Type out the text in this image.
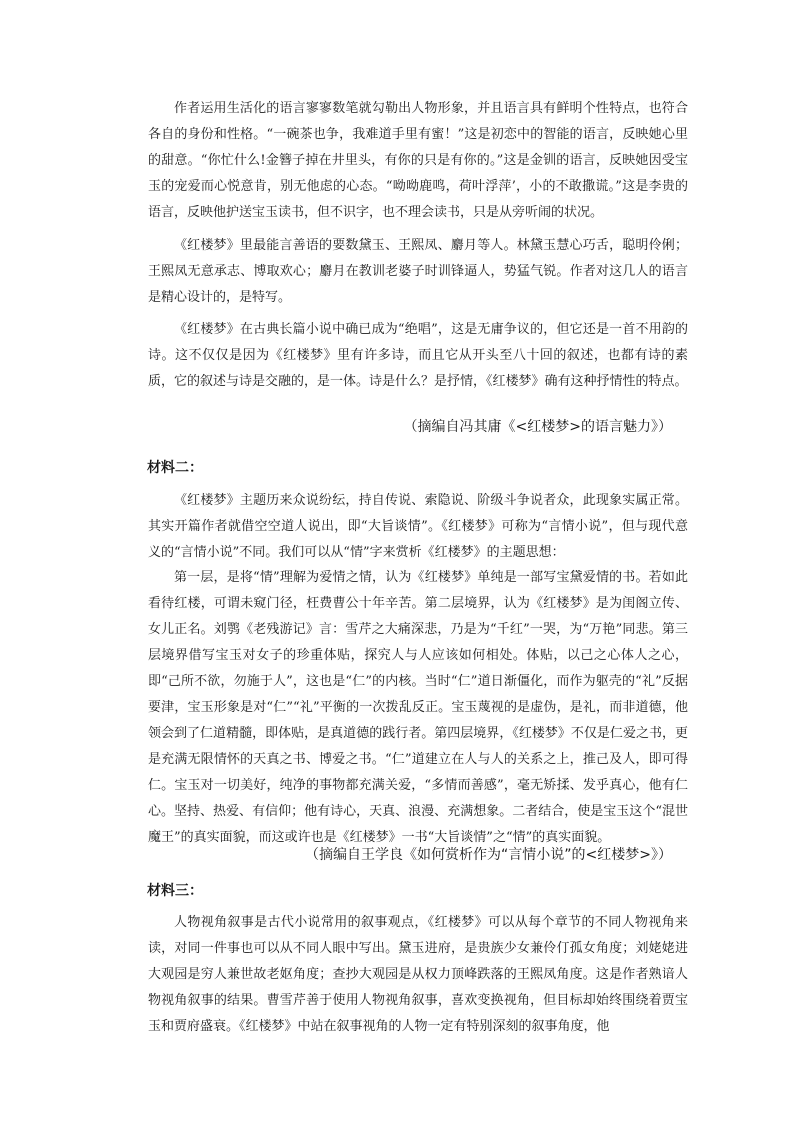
作者运用生活化的语言寥寥数笔就勾勒出人物形象，并且语言具有鲜明个性特点，也符合各自的身份和性格。“一碗茶也争，我难道手里有蜜！”这是初恋中的智能的语言，反映她心里的甜意。“你忙什么!金簪子掉在井里头，有你的只是有你的。”这是金钏的语言，反映她因受宝玉的宠爱而心悦意肯，别无他虑的心态。“呦呦鹿鸣，荷叶浮萍’，小的不敢撒谎。”这是李贵的语言，反映他护送宝玉读书，但不识字，也不理会读书，只是从旁听闹的状况。

《红楼梦》里最能言善语的要数黛玉、王熙凤、麝月等人。林黛玉慧心巧舌，聪明伶俐；王熙凤无意承志、博取欢心；麝月在教训老婆子时训锋逼人，势猛气锐。作者对这几人的语言是精心设计的，是特写。

《红楼梦》在古典长篇小说中确已成为“绝唱”，这是无庸争议的，但它还是一首不用韵的诗。这不仅仅是因为《红楼梦》里有许多诗，而且它从开头至八十回的叙述，也都有诗的素质，它的叙述与诗是交融的，是一体。诗是什么？是抒情，《红楼梦》确有这种抒情性的特点。

（摘编自冯其庸《<红楼梦>的语言魅力》）

材料二：

《红楼梦》主题历来众说纷纭，持自传说、索隐说、阶级斗争说者众，此现象实属正常。其实开篇作者就借空空道人说出，即“大旨谈情”。《红楼梦》可称为“言情小说”，但与现代意义的“言情小说”不同。我们可以从“情”字来赏析《红楼梦》的主题思想：

第一层，是将“情”理解为爱情之情，认为《红楼梦》单纯是一部写宝黛爱情的书。若如此看待红楼，可谓未窥门径，枉费曹公十年辛苦。第二层境界，认为《红楼梦》是为闺阁立传、女儿正名。刘鹗《老残游记》言：雪芹之大痛深悲，乃是为“千红”一哭，为“万艳”同悲。第三层境界借写宝玉对女子的珍重体贴，探究人与人应该如何相处。体贴，以己之心体人之心，即“己所不欲，勿施于人”，这也是“仁”的内核。当时“仁”道日渐僵化，而作为躯壳的“礼”反据要津，宝玉形象是对“仁”“礼”平衡的一次拨乱反正。宝玉蔑视的是虚伪，是礼，而非道德，他领会到了仁道精髓，即体贴，是真道德的践行者。第四层境界，《红楼梦》不仅是仁爱之书，更是充满无限情怀的天真之书、博爱之书。“仁”道建立在人与人的关系之上，推己及人，即可得仁。宝玉对一切美好，纯净的事物都充满关爱，“多情而善感”，毫无矫揉、发乎真心，他有仁心。坚持、热爱、有信仰；他有诗心，天真、浪漫、充满想象。二者结合，使是宝玉这个“混世魔王”的真实面貌，而这或许也是《红楼梦》一书“大旨谈情”之“情”的真实面貌。

（摘编自王学良《如何赏析作为“言情小说”的<红楼梦>》）

材料三：

人物视角叙事是古代小说常用的叙事观点，《红楼梦》可以从每个章节的不同人物视角来读，对同一件事也可以从不同人眼中写出。黛玉进府，是贵族少女兼伶仃孤女角度；刘姥姥进大观园是穷人兼世故老妪角度；查抄大观园是从权力顶峰跌落的王熙凤角度。这是作者熟谙人物视角叙事的结果。曹雪芹善于使用人物视角叙事，喜欢变换视角，但目标却始终围绕着贾宝玉和贾府盛衰。《红楼梦》中站在叙事视角的人物一定有特别深刻的叙事角度，他
